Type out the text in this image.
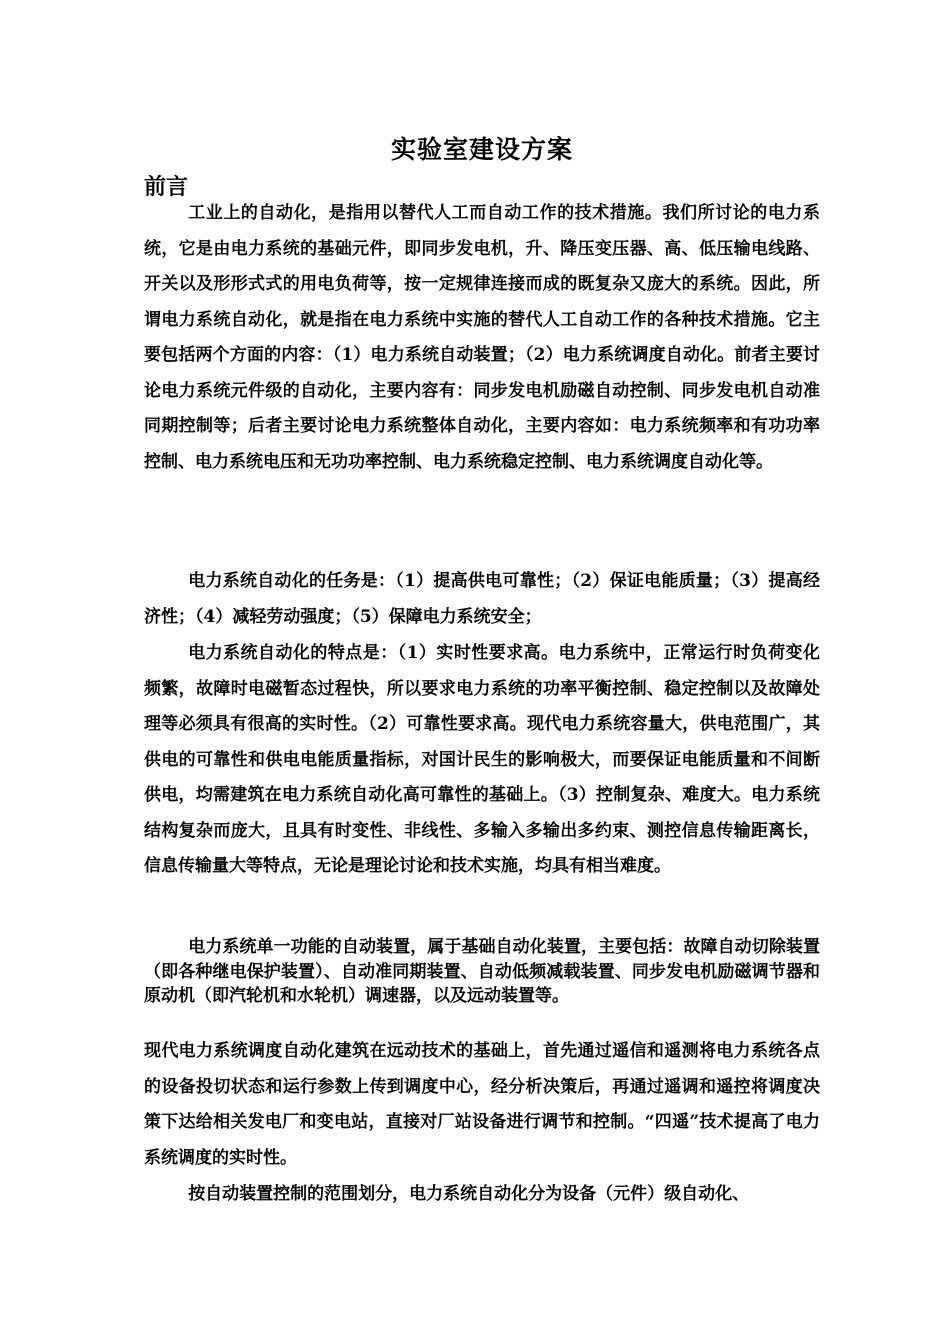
实验室建设方案
前言

工业上的自动化，是指用以替代人工而自动工作的技术措施。我们所讨论的电力系统，它是由电力系统的基础元件，即同步发电机，升、降压变压器、高、低压输电线路、开关以及形形式式的用电负荷等，按一定规律连接而成的既复杂又庞大的系统。因此，所谓电力系统自动化，就是指在电力系统中实施的替代人工自动工作的各种技术措施。它主要包括两个方面的内容：（1）电力系统自动装置；（2）电力系统调度自动化。前者主要讨论电力系统元件级的自动化，主要内容有：同步发电机励磁自动控制、同步发电机自动准同期控制等；后者主要讨论电力系统整体自动化，主要内容如：电力系统频率和有功功率控制、电力系统电压和无功功率控制、电力系统稳定控制、电力系统调度自动化等。

电力系统自动化的任务是：（1）提高供电可靠性；（2）保证电能质量；（3）提高经济性；（4）减轻劳动强度；（5）保障电力系统安全；

电力系统自动化的特点是：（1）实时性要求高。电力系统中，正常运行时负荷变化频繁，故障时电磁暂态过程快，所以要求电力系统的功率平衡控制、稳定控制以及故障处理等必须具有很高的实时性。（2）可靠性要求高。现代电力系统容量大，供电范围广，其供电的可靠性和供电电能质量指标，对国计民生的影响极大，而要保证电能质量和不间断供电，均需建筑在电力系统自动化高可靠性的基础上。（3）控制复杂、难度大。电力系统结构复杂而庞大，且具有时变性、非线性、多输入多输出多约束、测控信息传输距离长，信息传输量大等特点，无论是理论讨论和技术实施，均具有相当难度。

电力系统单一功能的自动装置，属于基础自动化装置，主要包括：故障自动切除装置（即各种继电保护装置）、自动准同期装置、自动低频减载装置、同步发电机励磁调节器和原动机（即汽轮机和水轮机）调速器，以及远动装置等。

现代电力系统调度自动化建筑在远动技术的基础上，首先通过遥信和遥测将电力系统各点的设备投切状态和运行参数上传到调度中心，经分析决策后，再通过遥调和遥控将调度决策下达给相关发电厂和变电站，直接对厂站设备进行调节和控制。“四遥”技术提高了电力系统调度的实时性。

按自动装置控制的范围划分，电力系统自动化分为设备（元件）级自动化、
